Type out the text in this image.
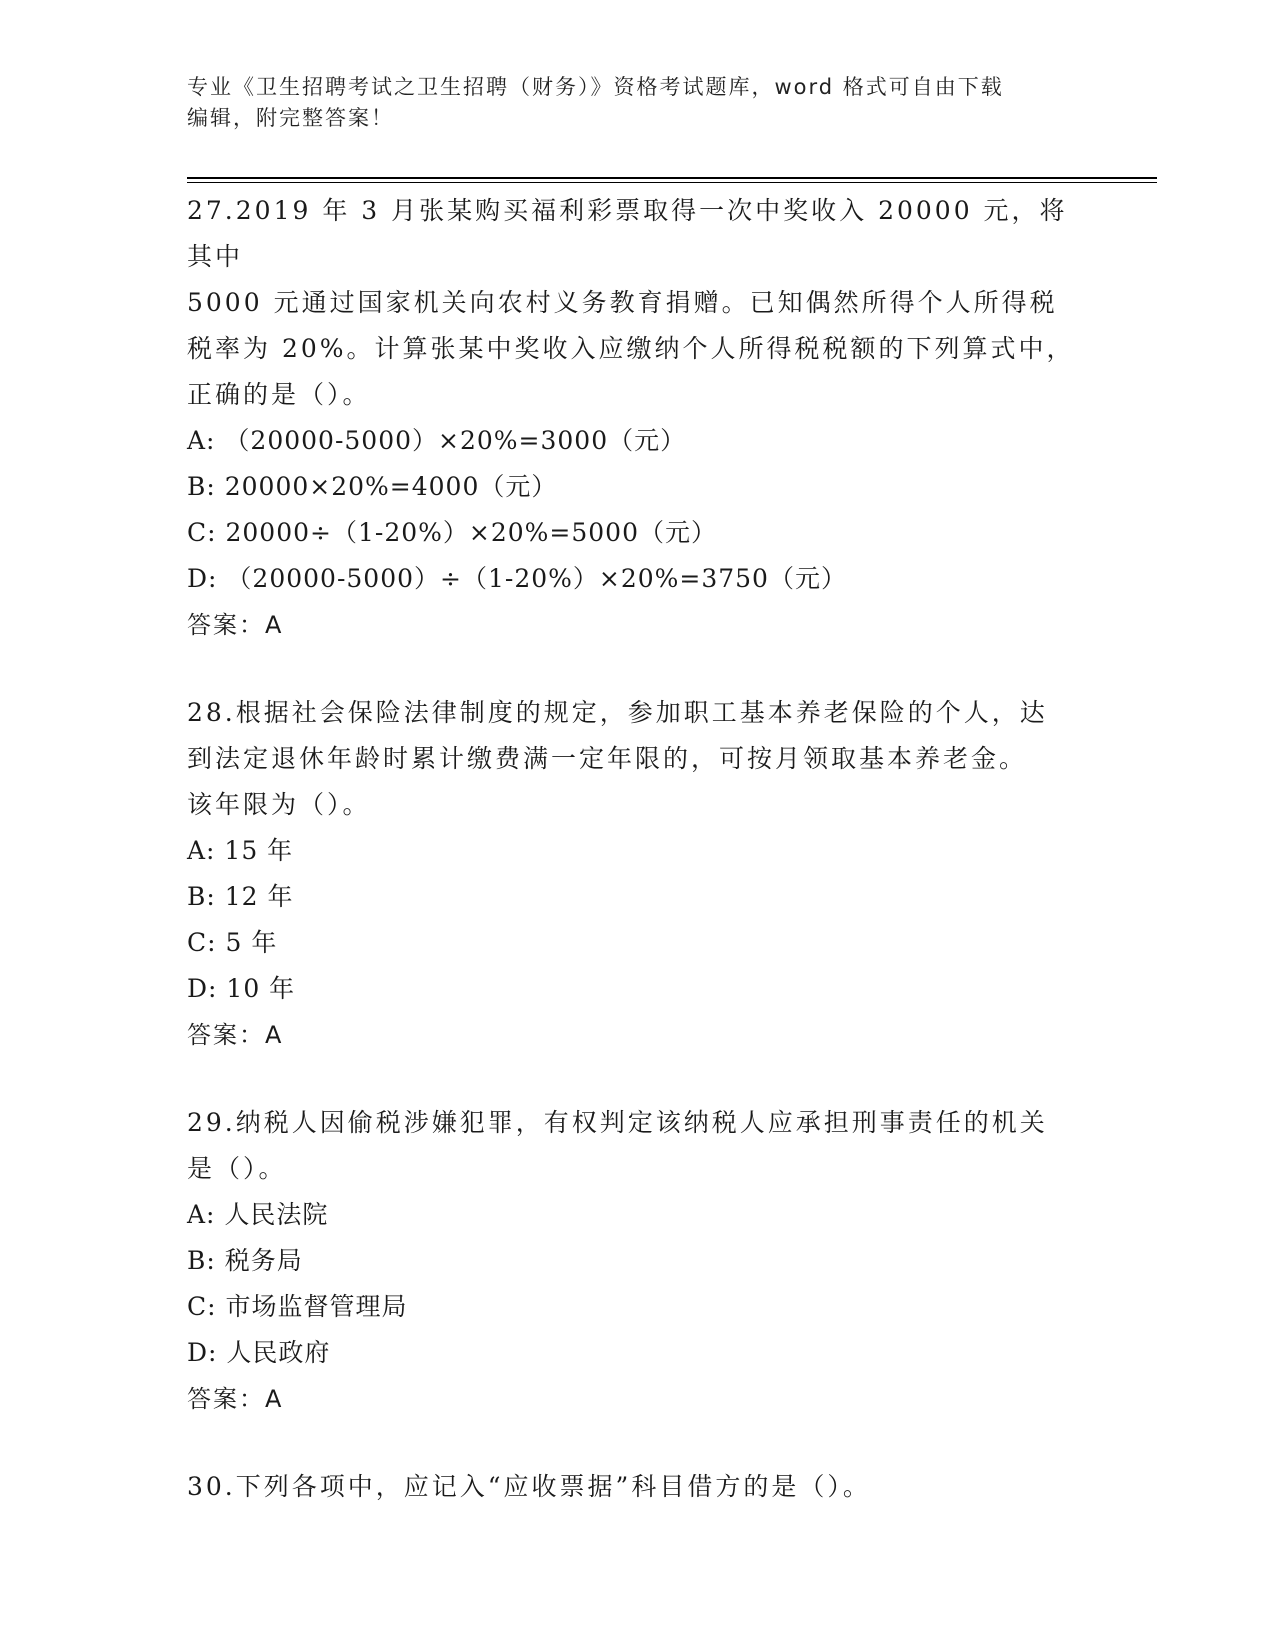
专业《卫生招聘考试之卫生招聘（财务）》资格考试题库，word 格式可自由下载
编辑，附完整答案！
27.2019 年 3 月张某购买福利彩票取得一次中奖收入 20000 元，将其中
5000 元通过国家机关向农村义务教育捐赠。已知偶然所得个人所得税
税率为 20%。计算张某中奖收入应缴纳个人所得税税额的下列算式中，
正确的是（）。
A: （20000-5000）×20%=3000（元）
B: 20000×20%=4000（元）
C: 20000÷（1-20%）×20%=5000（元）
D: （20000-5000）÷（1-20%）×20%=3750（元）
答案：A
28.根据社会保险法律制度的规定，参加职工基本养老保险的个人，达
到法定退休年龄时累计缴费满一定年限的，可按月领取基本养老金。
该年限为（）。
A: 15 年
B: 12 年
C: 5 年
D: 10 年
答案：A
29.纳税人因偷税涉嫌犯罪，有权判定该纳税人应承担刑事责任的机关
是（）。
A: 人民法院
B: 税务局
C: 市场监督管理局
D: 人民政府
答案：A
30.下列各项中，应记入“应收票据”科目借方的是（）。
